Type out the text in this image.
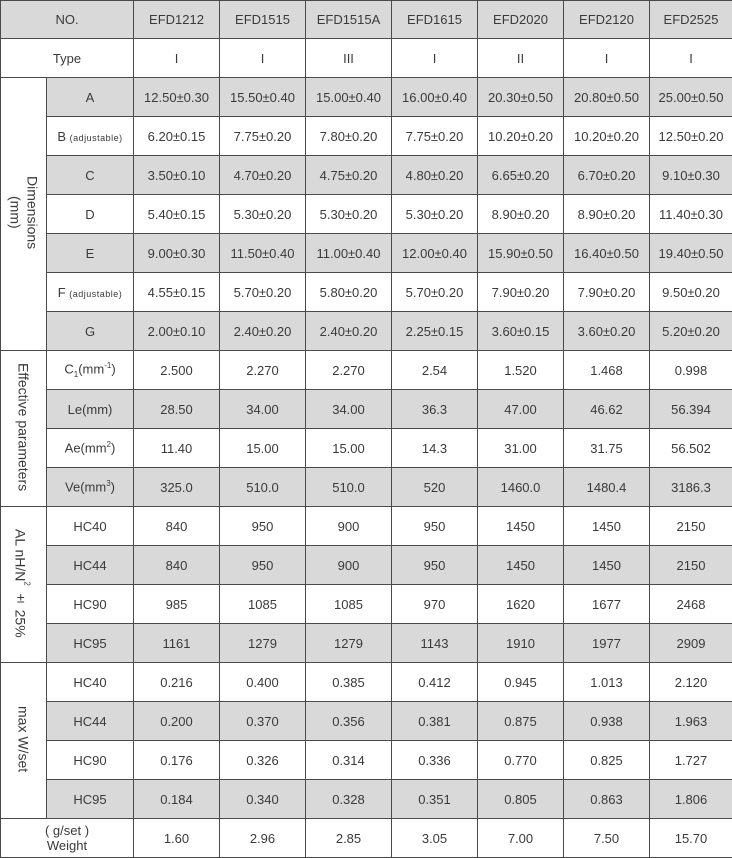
NO.		EFD1212	EFD1515	EFD1515A	EFD1615	EFD2020	EFD2120	EFD2525
Type		I	I	III	I	II	I	I
Dimensions
(mm)	A	12.50±0.30	15.50±0.40	15.00±0.40	16.00±0.40	20.30±0.50	20.80±0.50	25.00±0.50
	B (adjustable)	6.20±0.15	7.75±0.20	7.80±0.20	7.75±0.20	10.20±0.20	10.20±0.20	12.50±0.20
	C	3.50±0.10	4.70±0.20	4.75±0.20	4.80±0.20	6.65±0.20	6.70±0.20	9.10±0.30
	D	5.40±0.15	5.30±0.20	5.30±0.20	5.30±0.20	8.90±0.20	8.90±0.20	11.40±0.30
	E	9.00±0.30	11.50±0.40	11.00±0.40	12.00±0.40	15.90±0.50	16.40±0.50	19.40±0.50
	F (adjustable)	4.55±0.15	5.70±0.20	5.80±0.20	5.70±0.20	7.90±0.20	7.90±0.20	9.50±0.20
	G	2.00±0.10	2.40±0.20	2.40±0.20	2.25±0.15	3.60±0.15	3.60±0.20	5.20±0.20
Effective parameters	$C_1(mm^{-1})$	2.500	2.270	2.270	2.54	1.520	1.468	0.998
	Le(mm)	28.50	34.00	34.00	36.3	47.00	46.62	56.394
	$Ae(mm^2)$	11.40	15.00	15.00	14.3	31.00	31.75	56.502
	$Ve(mm^3)$	325.0	510.0	510.0	520	1460.0	1480.4	3186.3
AL $nH/N^2 \pm 25\%$	HC40	840	950	900	950	1450	1450	2150
	HC44	840	950	900	950	1450	1450	2150
	HC90	985	1085	1085	970	1620	1677	2468
	HC95	1161	1279	1279	1143	1910	1977	2909
max W/set	HC40	0.216	0.400	0.385	0.412	0.945	1.013	2.120
	HC44	0.200	0.370	0.356	0.381	0.875	0.938	1.963
	HC90	0.176	0.326	0.314	0.336	0.770	0.825	1.727
	HC95	0.184	0.340	0.328	0.351	0.805	0.863	1.806
( g/set )
Weight		1.60	2.96	2.85	3.05	7.00	7.50	15.70
